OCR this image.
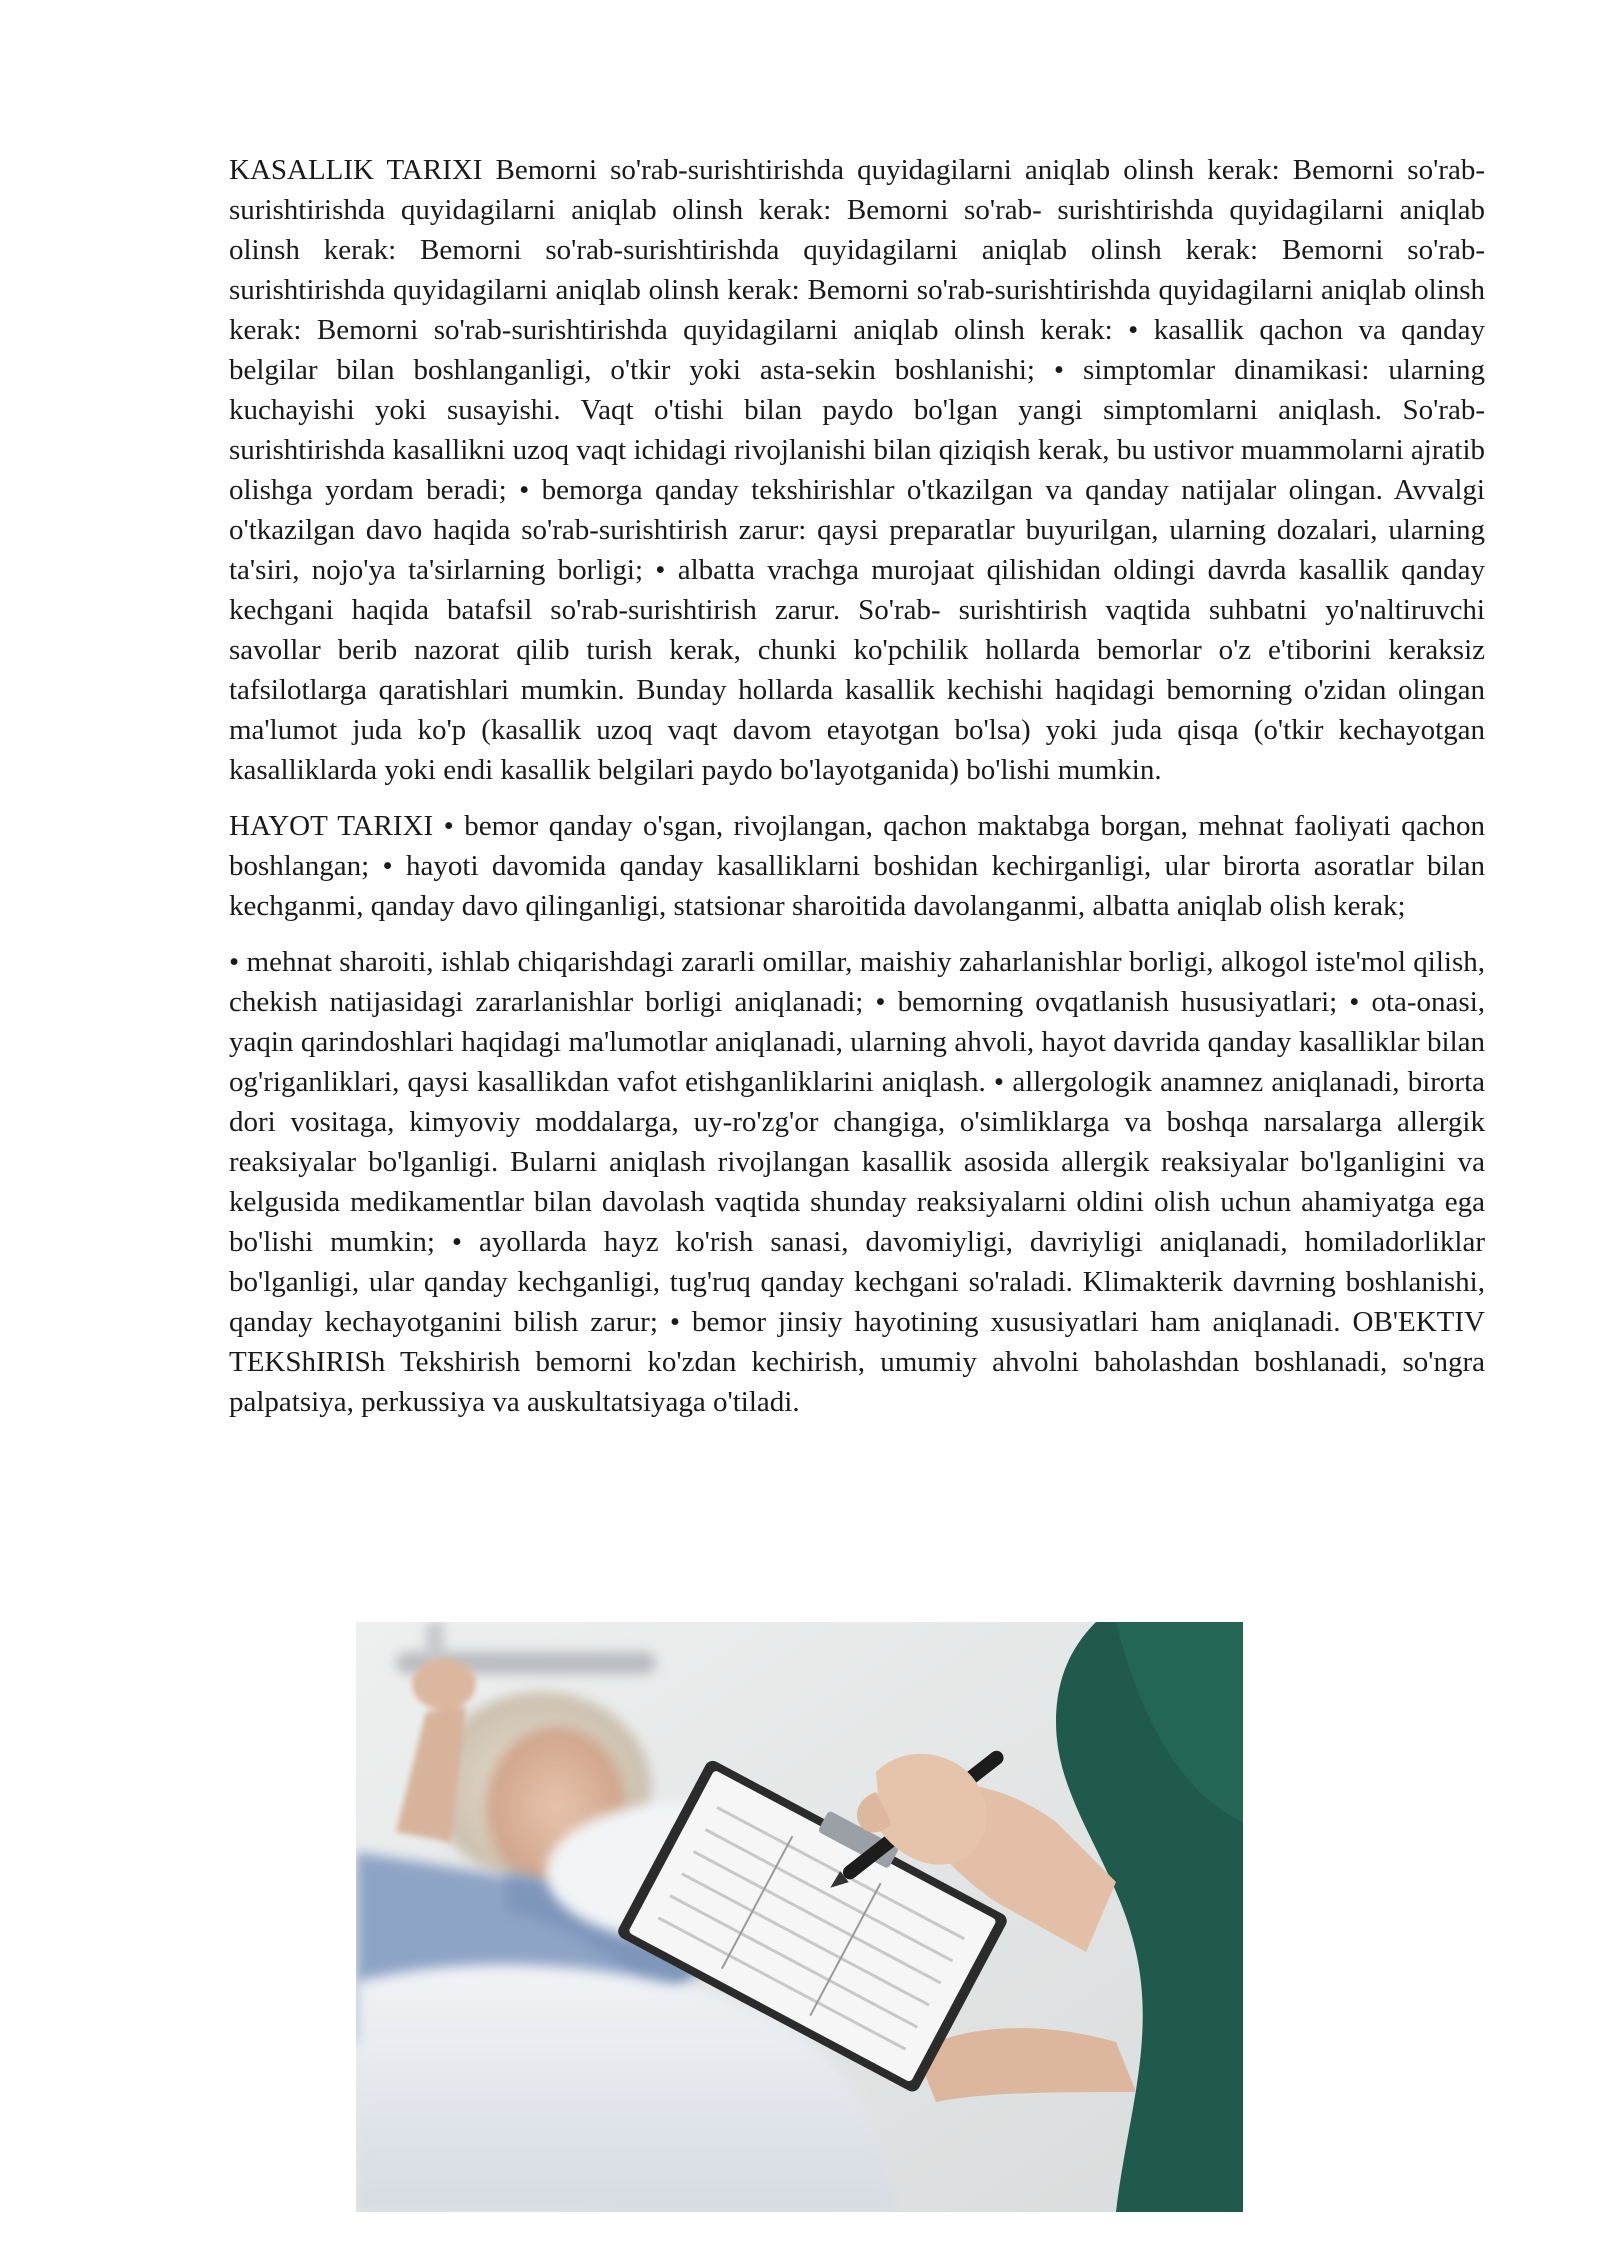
KASALLIK TARIXI Bemorni so'rab-surishtirishda quyidagilarni aniqlab olinsh kerak: Bemorni so'rab-surishtirishda quyidagilarni aniqlab olinsh kerak: Bemorni so'rab- surishtirishda quyidagilarni aniqlab olinsh kerak: Bemorni so'rab-surishtirishda quyidagilarni aniqlab olinsh kerak: Bemorni so'rab-surishtirishda quyidagilarni aniqlab olinsh kerak: Bemorni so'rab-surishtirishda quyidagilarni aniqlab olinsh kerak: Bemorni so'rab-surishtirishda quyidagilarni aniqlab olinsh kerak: • kasallik qachon va qanday belgilar bilan boshlanganligi, o'tkir yoki asta-sekin boshlanishi; • simptomlar dinamikasi: ularning kuchayishi yoki susayishi. Vaqt o'tishi bilan paydo bo'lgan yangi simptomlarni aniqlash. So'rab- surishtirishda kasallikni uzoq vaqt ichidagi rivojlanishi bilan qiziqish kerak, bu ustivor muammolarni ajratib olishga yordam beradi; • bemorga qanday tekshirishlar o'tkazilgan va qanday natijalar olingan. Avvalgi o'tkazilgan davo haqida so'rab-surishtirish zarur: qaysi preparatlar buyurilgan, ularning dozalari, ularning ta'siri, nojo'ya ta'sirlarning borligi; • albatta vrachga murojaat qilishidan oldingi davrda kasallik qanday kechgani haqida batafsil so'rab-surishtirish zarur. So'rab- surishtirish vaqtida suhbatni yo'naltiruvchi savollar berib nazorat qilib turish kerak, chunki ko'pchilik hollarda bemorlar o'z e'tiborini keraksiz tafsilotlarga qaratishlari mumkin. Bunday hollarda kasallik kechishi haqidagi bemorning o'zidan olingan ma'lumot juda ko'p (kasallik uzoq vaqt davom etayotgan bo'lsa) yoki juda qisqa (o'tkir kechayotgan kasalliklarda yoki endi kasallik belgilari paydo bo'layotganida) bo'lishi mumkin.

HAYOT TARIXI • bemor qanday o'sgan, rivojlangan, qachon maktabga borgan, mehnat faoliyati qachon boshlangan; • hayoti davomida qanday kasalliklarni boshidan kechirganligi, ular birorta asoratlar bilan kechganmi, qanday davo qilinganligi, statsionar sharoitida davolanganmi, albatta aniqlab olish kerak;

• mehnat sharoiti, ishlab chiqarishdagi zararli omillar, maishiy zaharlanishlar borligi, alkogol iste'mol qilish, chekish natijasidagi zararlanishlar borligi aniqlanadi; • bemorning ovqatlanish hususiyatlari; • ota-onasi, yaqin qarindoshlari haqidagi ma'lumotlar aniqlanadi, ularning ahvoli, hayot davrida qanday kasalliklar bilan og'riganliklari, qaysi kasallikdan vafot etishganliklarini aniqlash. • allergologik anamnez aniqlanadi, birorta dori vositaga, kimyoviy moddalarga, uy-ro'zg'or changiga, o'simliklarga va boshqa narsalarga allergik reaksiyalar bo'lganligi. Bularni aniqlash rivojlangan kasallik asosida allergik reaksiyalar bo'lganligini va kelgusida medikamentlar bilan davolash vaqtida shunday reaksiyalarni oldini olish uchun ahamiyatga ega bo'lishi mumkin; • ayollarda hayz ko'rish sanasi, davomiyligi, davriyligi aniqlanadi, homiladorliklar bo'lganligi, ular qanday kechganligi, tug'ruq qanday kechgani so'raladi. Klimakterik davrning boshlanishi, qanday kechayotganini bilish zarur; • bemor jinsiy hayotining xususiyatlari ham aniqlanadi. OB'EKTIV TEKShIRISh Tekshirish bemorni ko'zdan kechirish, umumiy ahvolni baholashdan boshlanadi, so'ngra palpatsiya, perkussiya va auskultatsiyaga o'tiladi.
